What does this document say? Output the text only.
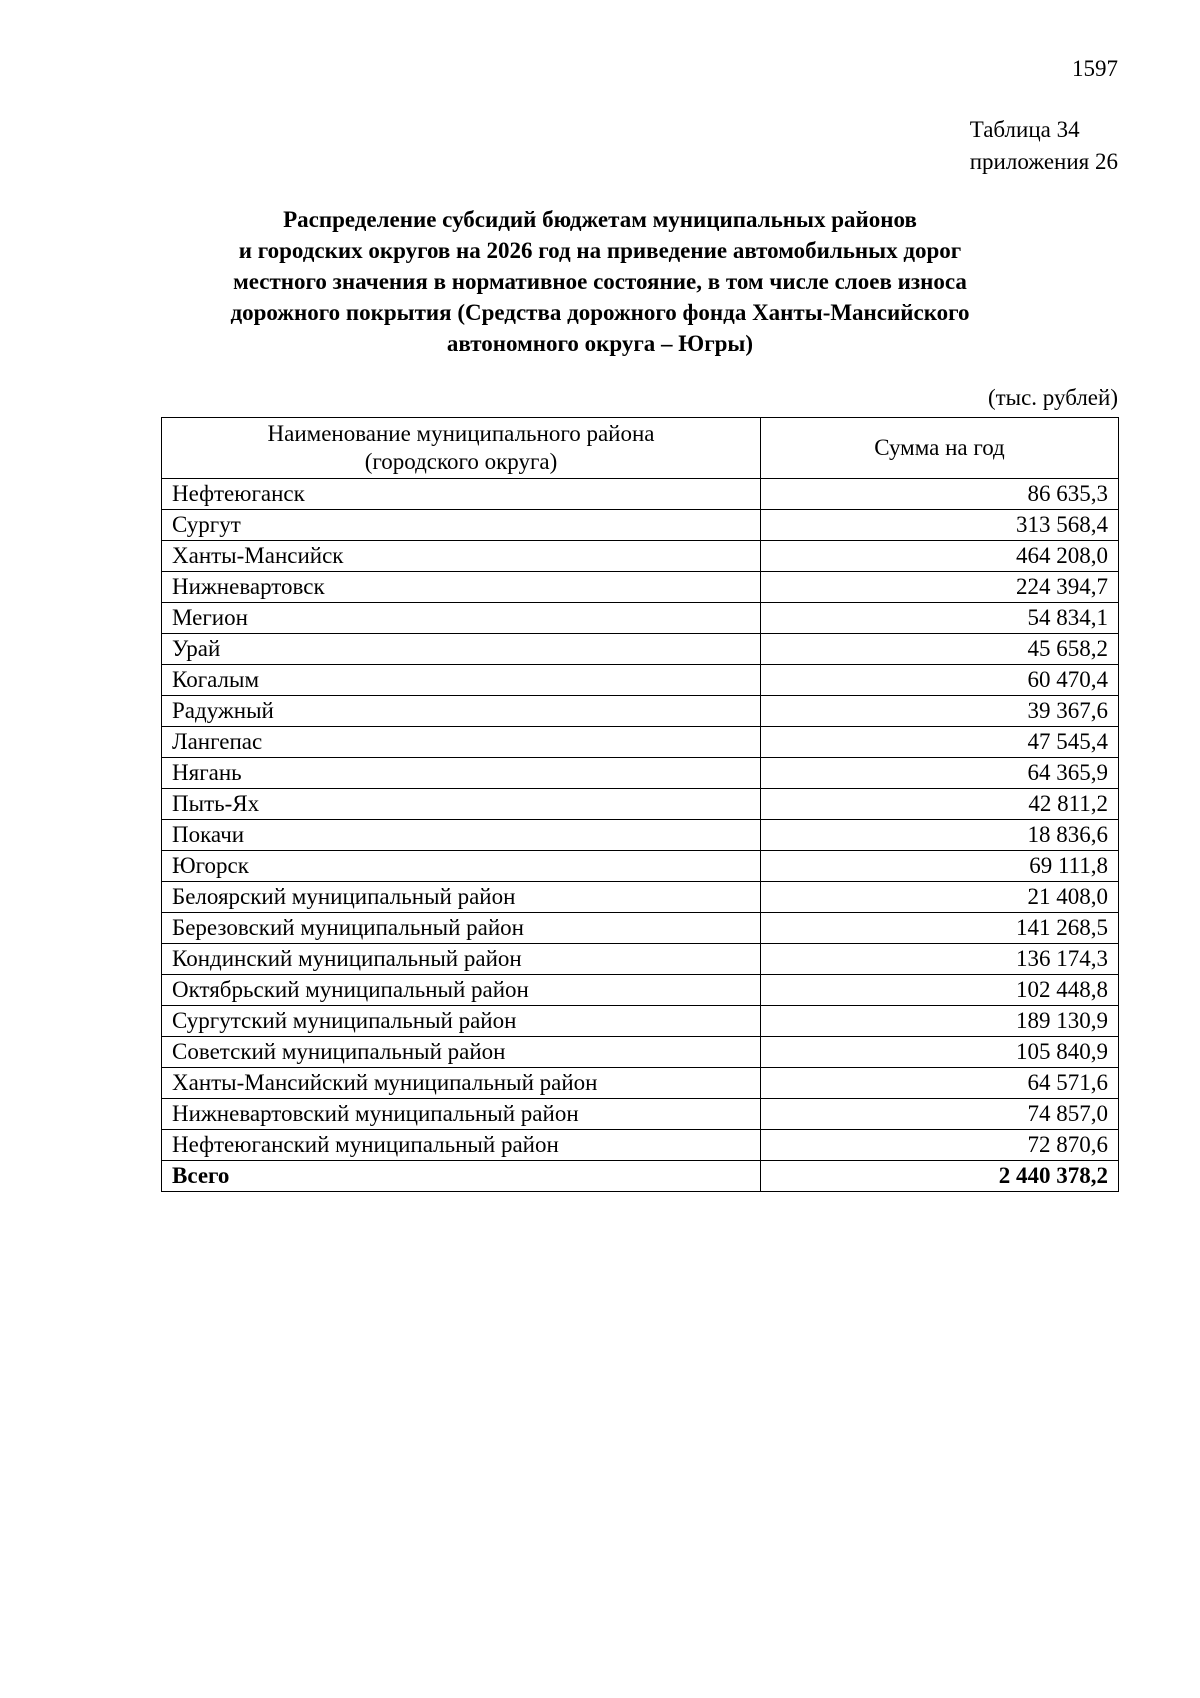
1597
Таблица 34
приложения 26
Распределение субсидий бюджетам муниципальных районов
и городских округов на 2026 год на приведение автомобильных дорог
местного значения в нормативное состояние, в том числе слоев износа
дорожного покрытия (Средства дорожного фонда Ханты-Мансийского
автономного округа – Югры)
(тыс. рублей)
Наименование муниципального района
(городского округа)	Сумма на год
Нефтеюганск	86 635,3
Сургут	313 568,4
Ханты-Мансийск	464 208,0
Нижневартовск	224 394,7
Мегион	54 834,1
Урай	45 658,2
Когалым	60 470,4
Радужный	39 367,6
Лангепас	47 545,4
Нягань	64 365,9
Пыть-Ях	42 811,2
Покачи	18 836,6
Югорск	69 111,8
Белоярский муниципальный район	21 408,0
Березовский муниципальный район	141 268,5
Кондинский муниципальный район	136 174,3
Октябрьский муниципальный район	102 448,8
Сургутский муниципальный район	189 130,9
Советский муниципальный район	105 840,9
Ханты-Мансийский муниципальный район	64 571,6
Нижневартовский муниципальный район	74 857,0
Нефтеюганский муниципальный район	72 870,6
Всего	2 440 378,2
